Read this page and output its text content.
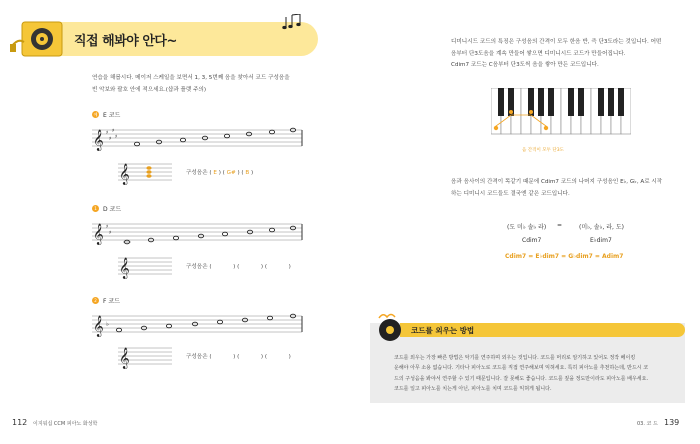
직접 해봐야 안다~
연습을 해봅시다. 메이저 스케일을 보면서 1, 3, 5번째 음을 찾아서 코드 구성음을
빈 악보와 괄호 안에 적으세요.(샵과 플랫 주의)
예 E 코드
𝄞 ♯
♯
♯
♯
𝄞	구성음은 ( E ) ( G# ) ( B )
1	D 코드
𝄞 ♯
♯
𝄞	구성음은 (	) (	) (	)
2	F 코드
𝄞 ♭
𝄞	구성음은 (	) (	) (	)
112 이지워십 CCM 피아노 화성학
디미니시드 코드의 특징은 구성음의 간격이 모두 한음 반, 즉 단3도라는 것입니다. 어떤
음부터 단3도음을 계속 만들어 쌓으면 디미니시드 코드가 만들어집니다.
Cdim7 코드는 C음부터 단3도씩 음을 쌓아 만든 코드입니다.
음 간격이 모두 단3도
음과 음사이의 간격이 똑같기 때문에 Cdim7 코드의 나머지 구성음인 E♭, G♭, A로 시작
하는 디미니시 코드들도 결국엔 같은 코드입니다.
(도 미♭ 솔♭ 라) =	(미♭, 솔♭, 라, 도)
Cdim7	E♭dim7
Cdim7 = E♭dim7 = G♭dim7 = Adim7
코드를 외우는 방법
코드를 외우는 가장 빠른 방법은 악기를 연주하며 외우는 것입니다. 코드를 머리로 암기하고 있어도 정작 베이킹
운해야 아무 소용 없습니다. 기타나 피아노로 코드를 직접 연주해보며 익혀세요. 특히 피아노를 추천하는데, 반드시 코
드의 구성음을 봐야서 연주할 수 있기 때문입니다. 잘 못해도 좋습니다. 코드를 짚을 정도만이라도 피아노를 배우세요.
코드를 일고 피아노를 치는게 아닌, 피아노를 치며 코드를 익혀게 됩니다.
03. 코 드 139
